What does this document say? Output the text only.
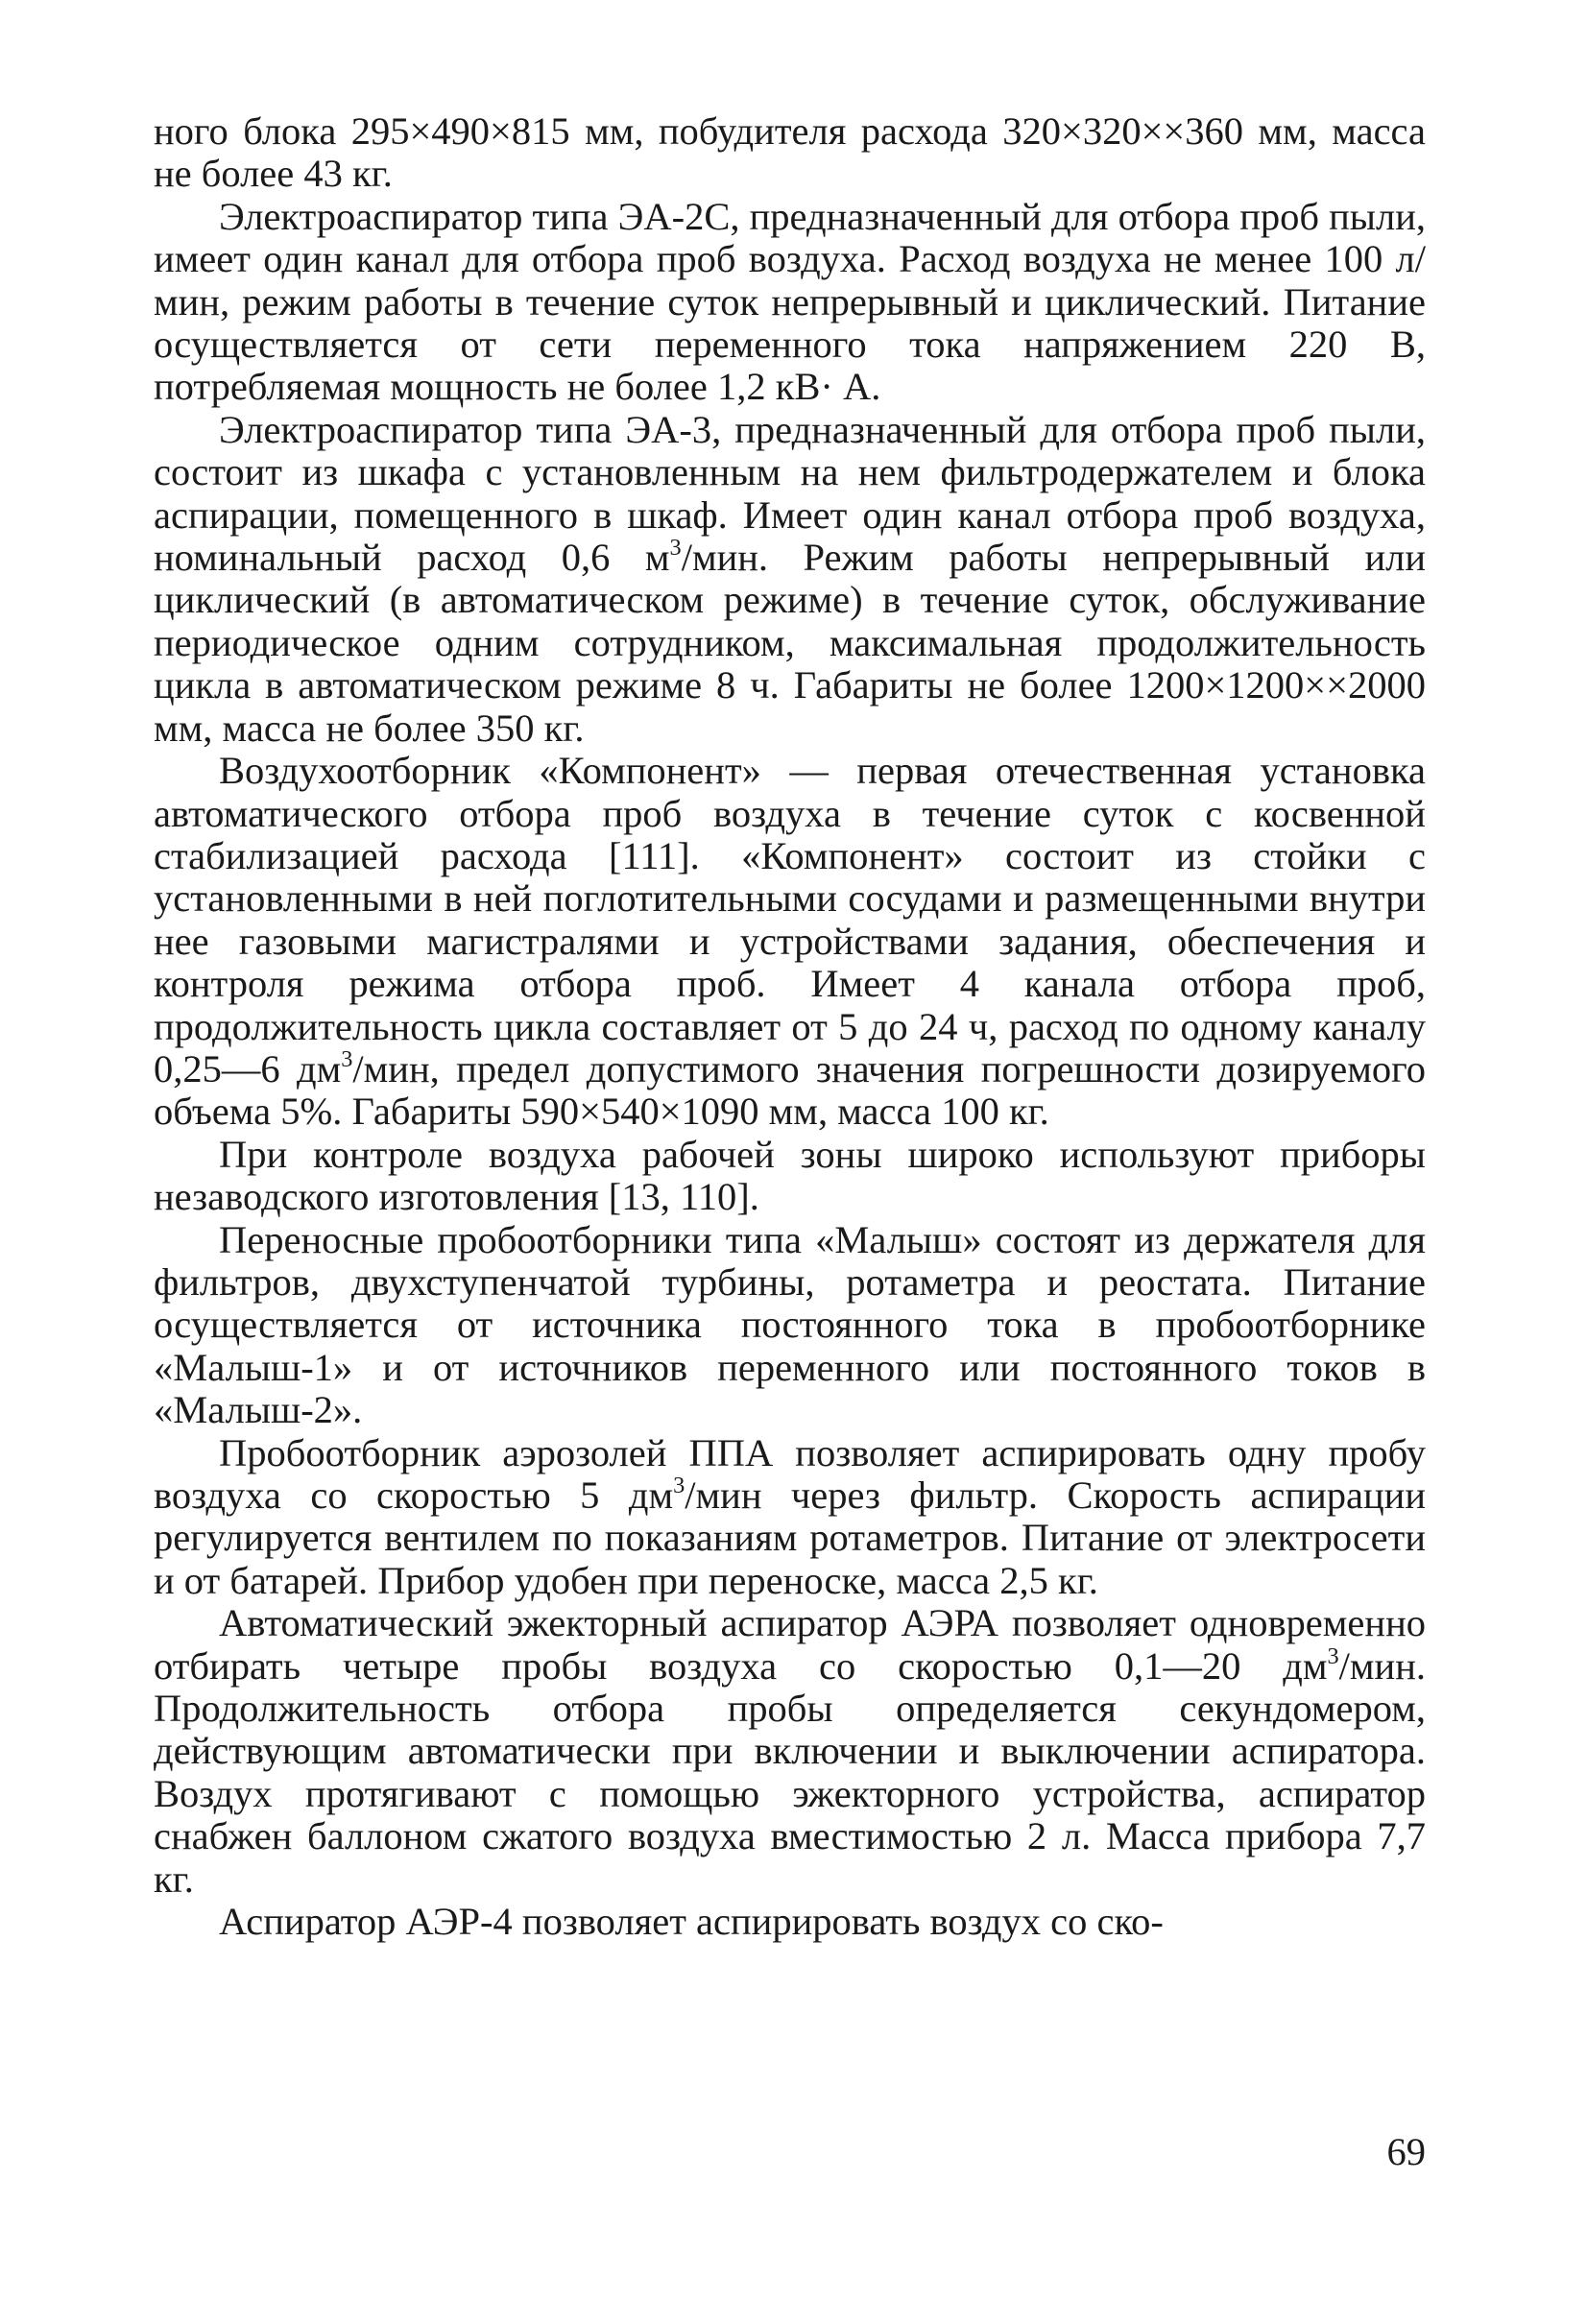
ного блока 295×490×815 мм, побудителя расхода 320×320××360 мм, масса не более 43 кг.

Электроаспиратор типа ЭА-2С, предназначенный для отбора проб пыли, имеет один канал для отбора проб воздуха. Расход воздуха не менее 100 л/мин, режим работы в течение суток непрерывный и циклический. Питание осуществляется от сети переменного тока напряжением 220 В, потребляемая мощность не более 1,2 кВ· А.

Электроаспиратор типа ЭА-3, предназначенный для отбора проб пыли, состоит из шкафа с установленным на нем фильтродержателем и блока аспирации, помещенного в шкаф. Имеет один канал отбора проб воздуха, номинальный расход 0,6 $м^3$/мин. Режим работы непрерывный или циклический (в автоматическом режиме) в течение суток, обслуживание периодическое одним сотрудником, максимальная продолжительность цикла в автоматическом режиме 8 ч. Габариты не более 1200×1200××2000 мм, масса не более 350 кг.

Воздухоотборник «Компонент» — первая отечественная установка автоматического отбора проб воздуха в течение суток с косвенной стабилизацией расхода [111]. «Компонент» состоит из стойки с установленными в ней поглотительными сосудами и размещенными внутри нее газовыми магистралями и устройствами задания, обеспечения и контроля режима отбора проб. Имеет 4 канала отбора проб, продолжительность цикла составляет от 5 до 24 ч, расход по одному каналу 0,25—6 $дм^3$/мин, предел допустимого значения погрешности дозируемого объема 5%. Габариты 590×540×1090 мм, масса 100 кг.

При контроле воздуха рабочей зоны широко используют приборы незаводского изготовления [13, 110].

Переносные пробоотборники типа «Малыш» состоят из держателя для фильтров, двухступенчатой турбины, ротаметра и реостата. Питание осуществляется от источника постоянного тока в пробоотборнике «Малыш-1» и от источников переменного или постоянного токов в «Малыш-2».

Пробоотборник аэрозолей ППА позволяет аспирировать одну пробу воздуха со скоростью 5 $дм^3$/мин через фильтр. Скорость аспирации регулируется вентилем по показаниям ротаметров. Питание от электросети и от батарей. Прибор удобен при переноске, масса 2,5 кг.

Автоматический эжекторный аспиратор АЭРА позволяет одновременно отбирать четыре пробы воздуха со скоростью 0,1—20 $дм^3$/мин. Продолжительность отбора пробы определяется секундомером, действующим автоматически при включении и выключении аспиратора. Воздух протягивают с помощью эжекторного устройства, аспиратор снабжен баллоном сжатого воздуха вместимостью 2 л. Масса прибора 7,7 кг.

Аспиратор АЭР-4 позволяет аспирировать воздух со ско-

69
